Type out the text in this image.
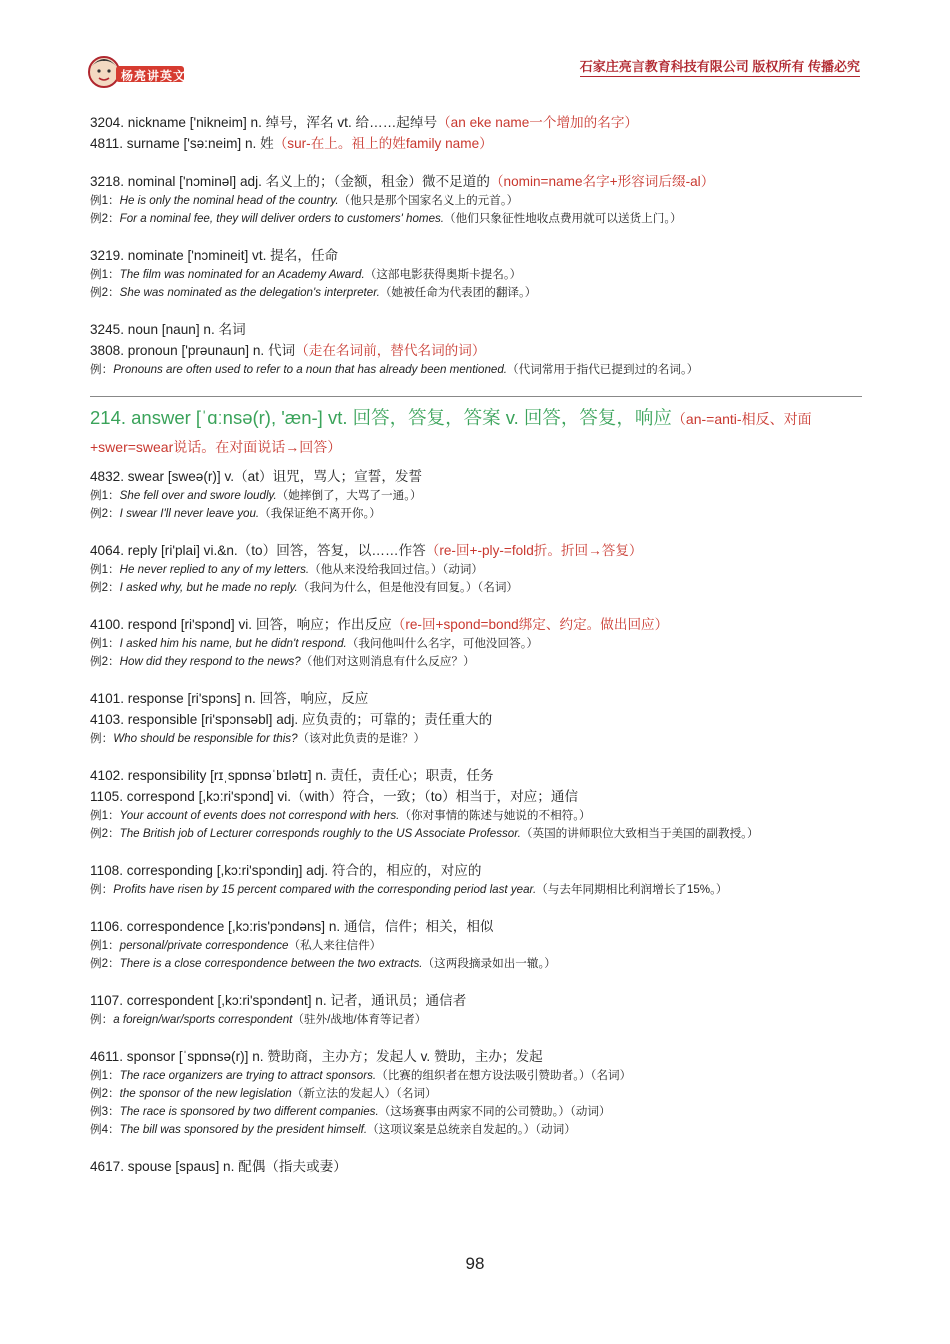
杨亮讲英文
石家庄亮言教育科技有限公司 版权所有 传播必究
3204. nickname ['nikneim] n. 绰号，浑名 vt. 给……起绰号（an eke name一个增加的名字）
4811. surname ['sə:neim] n. 姓（sur-在上。祖上的姓family name）
3218. nominal ['nɔminəl] adj. 名义上的；（金额，租金）微不足道的（nomin=name名字+形容词后缀-al）
例1：He is only the nominal head of the country.（他只是那个国家名义上的元首。）
例2：For a nominal fee, they will deliver orders to customers' homes.（他们只象征性地收点费用就可以送货上门。）
3219. nominate ['nɔmineit] vt. 提名，任命
例1：The film was nominated for an Academy Award.（这部电影获得奥斯卡提名。）
例2：She was nominated as the delegation's interpreter.（她被任命为代表团的翻译。）
3245. noun [naun] n. 名词
3808. pronoun ['prəunaun] n. 代词（走在名词前，替代名词的词）
例：Pronouns are often used to refer to a noun that has already been mentioned.（代词常用于指代已提到过的名词。）
214. answer [ˈɑːnsə(r), 'æn-] vt. 回答，答复，答案 v. 回答，答复，响应（an-=anti-相反、对面
+swer=swear说话。在对面说话→回答）
4832. swear [sweə(r)] v.（at）诅咒，骂人；宣誓，发誓
例1：She fell over and swore loudly.（她摔倒了，大骂了一通。）
例2：I swear I'll never leave you.（我保证绝不离开你。）
4064. reply [ri'plai] vi.&n.（to）回答，答复，以……作答（re-回+-ply-=fold折。折回→答复）
例1：He never replied to any of my letters.（他从来没给我回过信。）（动词）
例2：I asked why, but he made no reply.（我问为什么，但是他没有回复。）（名词）
4100. respond [ri'spɔnd] vi. 回答，响应；作出反应（re-回+spond=bond绑定、约定。做出回应）
例1：I asked him his name, but he didn't respond.（我问他叫什么名字，可他没回答。）
例2：How did they respond to the news?（他们对这则消息有什么反应？）
4101. response [ri'spɔns] n. 回答，响应，反应
4103. responsible [ri'spɔnsəbl] adj. 应负责的；可靠的；责任重大的
例：Who should be responsible for this?（该对此负责的是谁？）
4102. responsibility [rɪˌspɒnsəˈbɪlətɪ] n. 责任，责任心；职责，任务
1105. correspond [,kɔ:ri'spɔnd] vi.（with）符合，一致；（to）相当于，对应；通信
例1：Your account of events does not correspond with hers.（你对事情的陈述与她说的不相符。）
例2：The British job of Lecturer corresponds roughly to the US Associate Professor.（英国的讲师职位大致相当于美国的副教授。）
1108. corresponding [,kɔ:ri'spɔndiŋ] adj. 符合的，相应的，对应的
例：Profits have risen by 15 percent compared with the corresponding period last year.（与去年同期相比利润增长了15%。）
1106. correspondence [,kɔ:ris'pɔndəns] n. 通信，信件；相关，相似
例1：personal/private correspondence（私人来往信件）
例2：There is a close correspondence between the two extracts.（这两段摘录如出一辙。）
1107. correspondent [,kɔ:ri'spɔndənt] n. 记者，通讯员；通信者
例：a foreign/war/sports correspondent（驻外/战地/体育等记者）
4611. sponsor [ˈspɒnsə(r)] n. 赞助商，主办方；发起人 v. 赞助，主办；发起
例1：The race organizers are trying to attract sponsors.（比赛的组织者在想方设法吸引赞助者。）（名词）
例2：the sponsor of the new legislation（新立法的发起人）（名词）
例3：The race is sponsored by two different companies.（这场赛事由两家不同的公司赞助。）（动词）
例4：The bill was sponsored by the president himself.（这项议案是总统亲自发起的。）（动词）
4617. spouse [spaus] n. 配偶（指夫或妻）
98
